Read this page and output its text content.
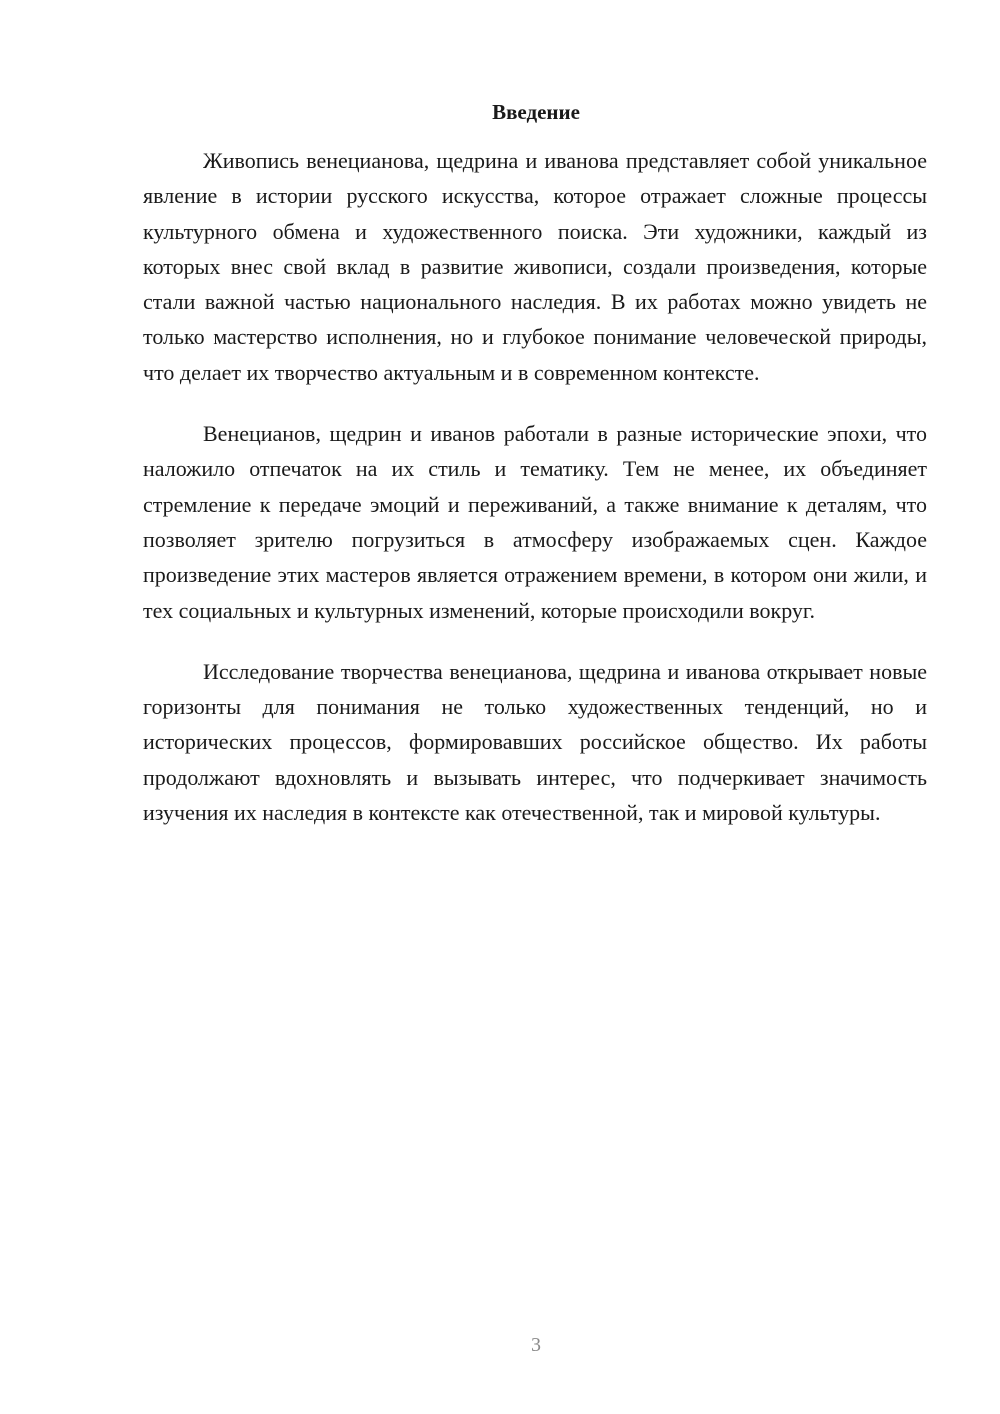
Введение

Живопись венецианова, щедрина и иванова представляет собой уникальное явление в истории русского искусства, которое отражает сложные процессы культурного обмена и художественного поиска. Эти художники, каждый из которых внес свой вклад в развитие живописи, создали произведения, которые стали важной частью национального наследия. В их работах можно увидеть не только мастерство исполнения, но и глубокое понимание человеческой природы, что делает их творчество актуальным и в современном контексте.

Венецианов, щедрин и иванов работали в разные исторические эпохи, что наложило отпечаток на их стиль и тематику. Тем не менее, их объединяет стремление к передаче эмоций и переживаний, а также внимание к деталям, что позволяет зрителю погрузиться в атмосферу изображаемых сцен. Каждое произведение этих мастеров является отражением времени, в котором они жили, и тех социальных и культурных изменений, которые происходили вокруг.

Исследование творчества венецианова, щедрина и иванова открывает новые горизонты для понимания не только художественных тенденций, но и исторических процессов, формировавших российское общество. Их работы продолжают вдохновлять и вызывать интерес, что подчеркивает значимость изучения их наследия в контексте как отечественной, так и мировой культуры.

3
